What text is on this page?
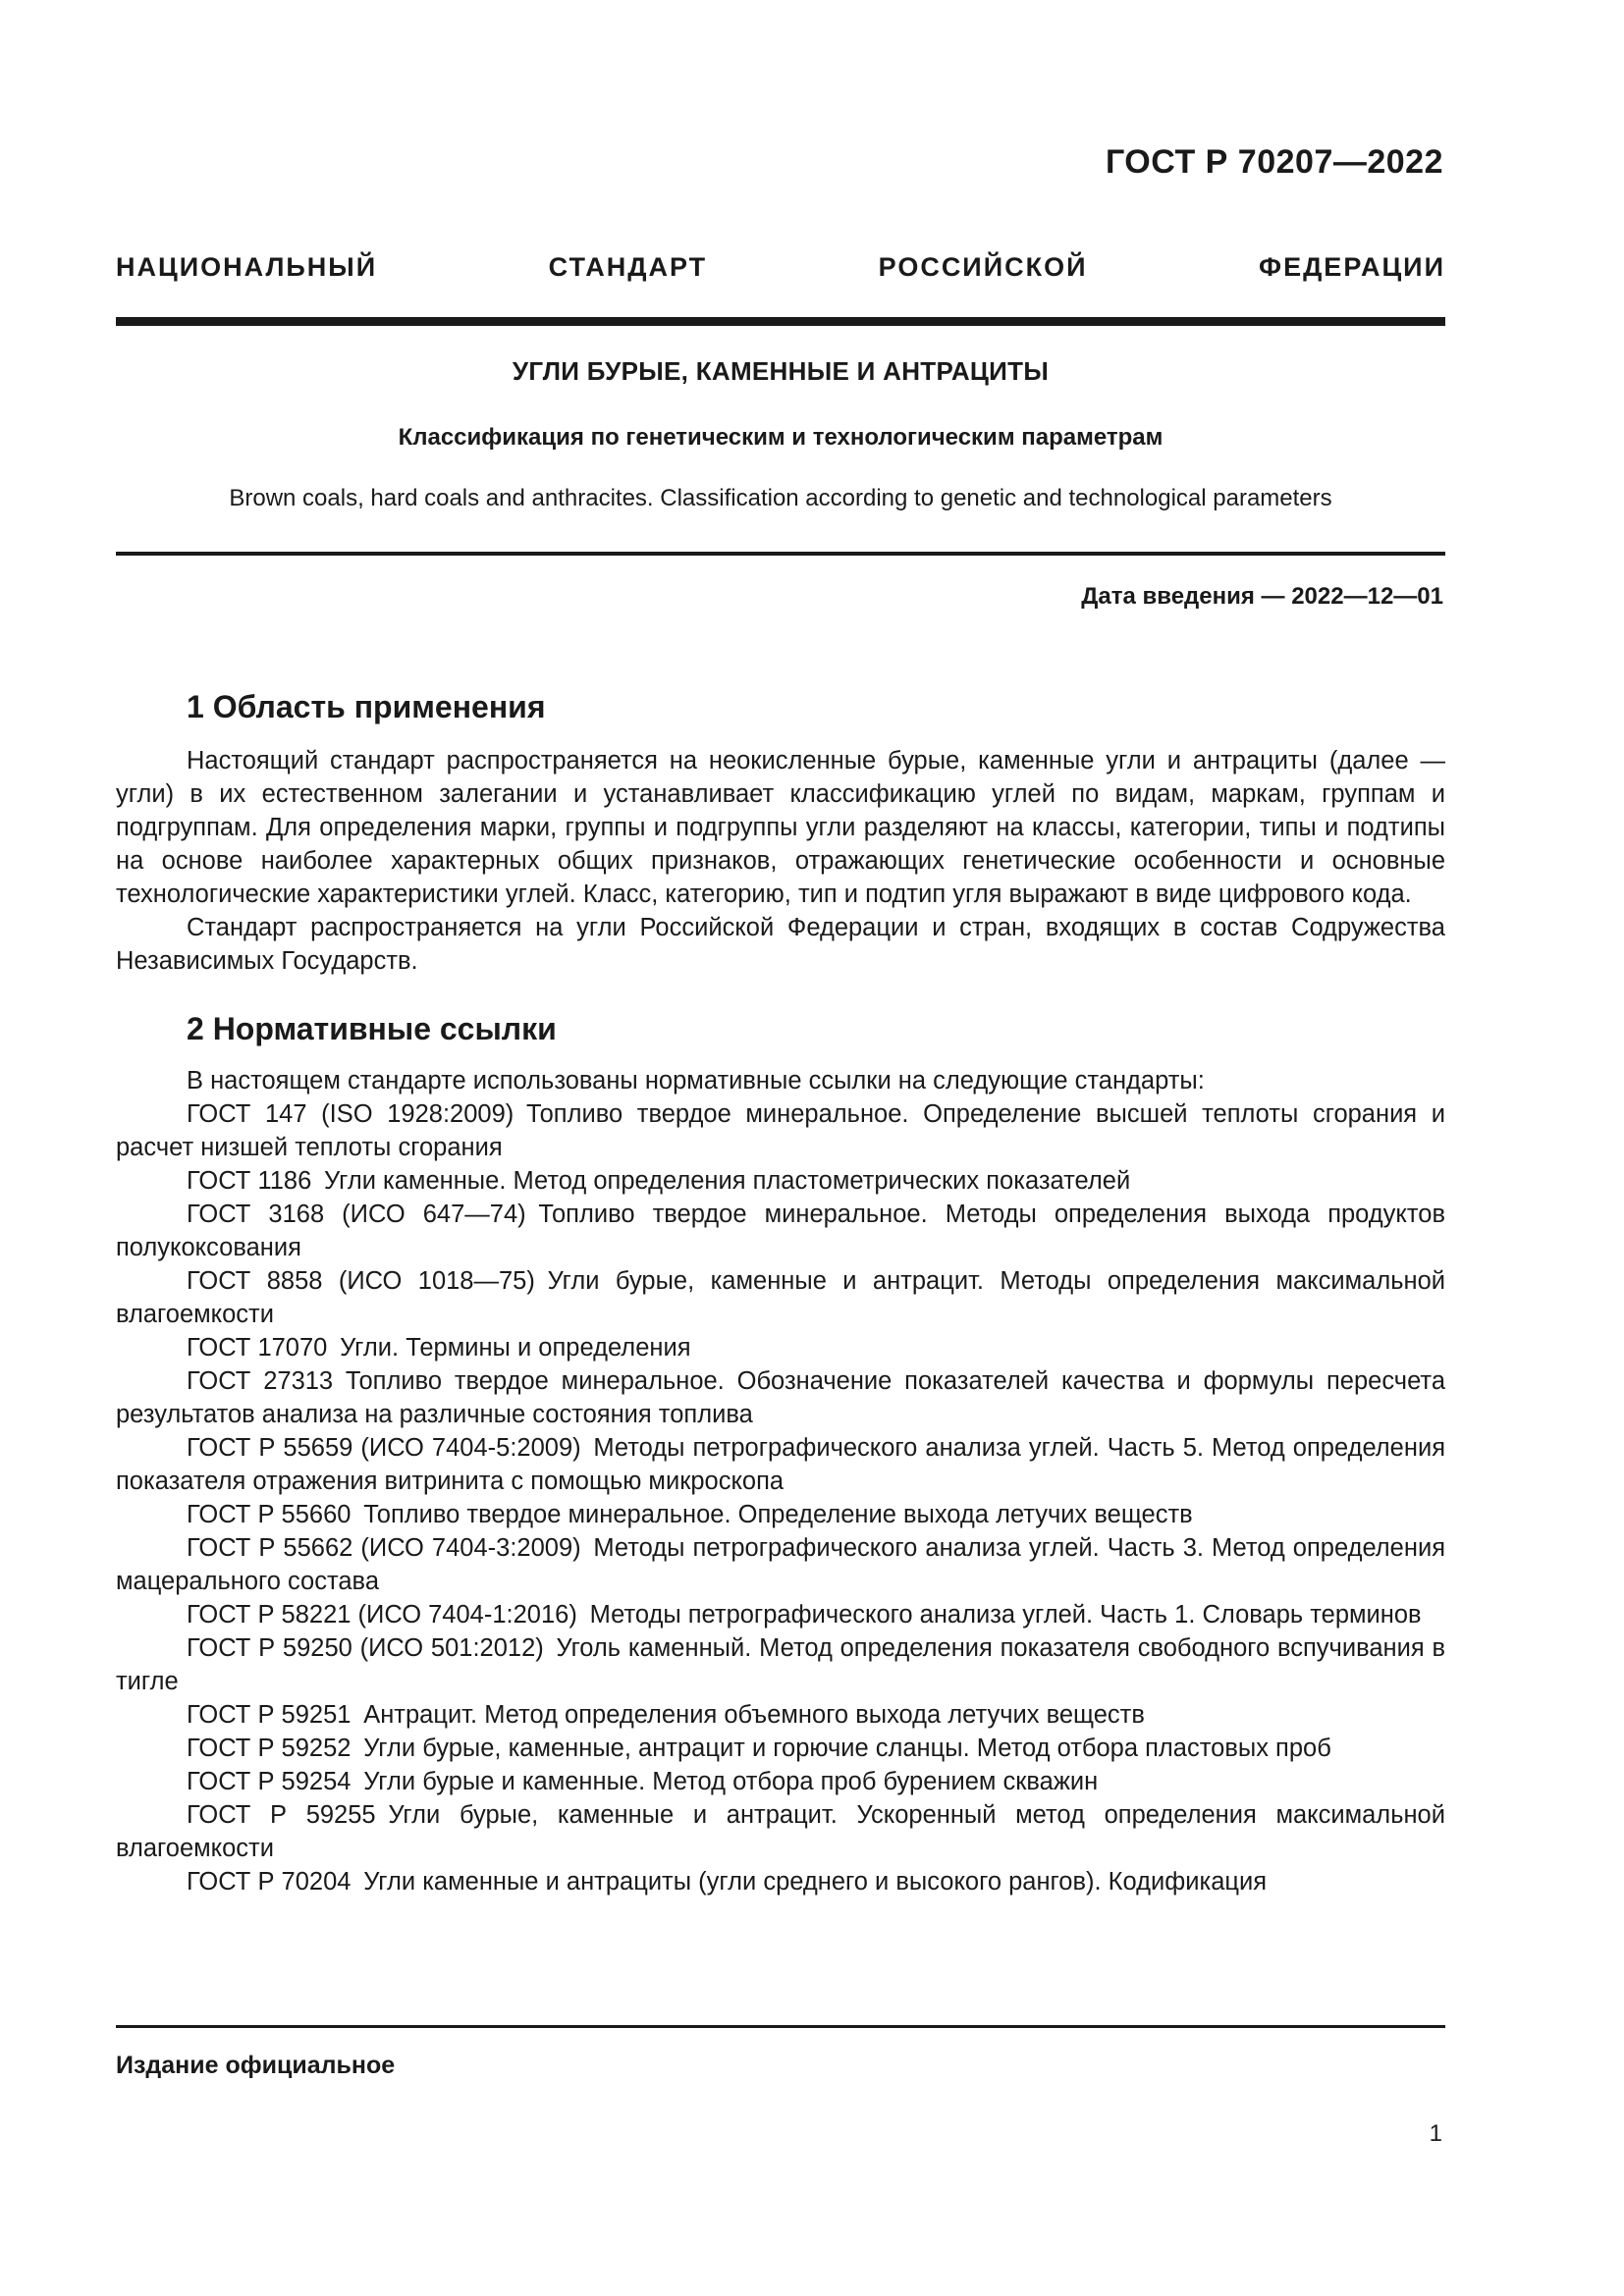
ГОСТ Р 70207—2022
НАЦИОНАЛЬНЫЙ СТАНДАРТ РОССИЙСКОЙ ФЕДЕРАЦИИ
УГЛИ БУРЫЕ, КАМЕННЫЕ И АНТРАЦИТЫ
Классификация по генетическим и технологическим параметрам
Brown coals, hard coals and anthracites. Classification according to genetic and technological parameters
Дата введения — 2022—12—01
1 Область применения

Настоящий стандарт распространяется на неокисленные бурые, каменные угли и антрациты (далее — угли) в их естественном залегании и устанавливает классификацию углей по видам, маркам, группам и подгруппам. Для определения марки, группы и подгруппы угли разделяют на классы, категории, типы и подтипы на основе наиболее характерных общих признаков, отражающих генетические особенности и основные технологические характеристики углей. Класс, категорию, тип и подтип угля выражают в виде цифрового кода.

Стандарт распространяется на угли Российской Федерации и стран, входящих в состав Содружества Независимых Государств.

2 Нормативные ссылки

В настоящем стандарте использованы нормативные ссылки на следующие стандарты:

ГОСТ 147 (ISO 1928:2009)  Топливо твердое минеральное. Определение высшей теплоты сгорания и расчет низшей теплоты сгорания

ГОСТ 1186  Угли каменные. Метод определения пластометрических показателей

ГОСТ 3168 (ИСО 647—74)  Топливо твердое минеральное. Методы определения выхода продуктов полукоксования

ГОСТ 8858 (ИСО 1018—75)  Угли бурые, каменные и антрацит. Методы определения максимальной влагоемкости

ГОСТ 17070  Угли. Термины и определения

ГОСТ 27313  Топливо твердое минеральное. Обозначение показателей качества и формулы пересчета результатов анализа на различные состояния топлива

ГОСТ Р 55659 (ИСО 7404-5:2009)  Методы петрографического анализа углей. Часть 5. Метод определения показателя отражения витринита с помощью микроскопа

ГОСТ Р 55660  Топливо твердое минеральное. Определение выхода летучих веществ

ГОСТ Р 55662 (ИСО 7404-3:2009)  Методы петрографического анализа углей. Часть 3. Метод определения мацерального состава

ГОСТ Р 58221 (ИСО 7404-1:2016)  Методы петрографического анализа углей. Часть 1. Словарь терминов

ГОСТ Р 59250 (ИСО 501:2012)  Уголь каменный. Метод определения показателя свободного вспучивания в тигле

ГОСТ Р 59251  Антрацит. Метод определения объемного выхода летучих веществ

ГОСТ Р 59252  Угли бурые, каменные, антрацит и горючие сланцы. Метод отбора пластовых проб

ГОСТ Р 59254  Угли бурые и каменные. Метод отбора проб бурением скважин

ГОСТ Р 59255  Угли бурые, каменные и антрацит. Ускоренный метод определения максимальной влагоемкости

ГОСТ Р 70204  Угли каменные и антрациты (угли среднего и высокого рангов). Кодификация

Издание официальное
1
